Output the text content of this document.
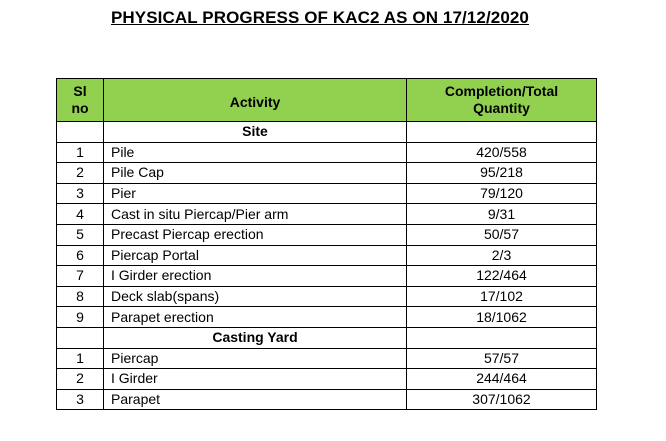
PHYSICAL PROGRESS OF KAC2 AS ON 17/12/2020
Sl no	Activity	Completion/Total Quantity
	Site	
1	Pile	420/558
2	Pile Cap	95/218
3	Pier	79/120
4	Cast in situ Piercap/Pier arm	9/31
5	Precast Piercap erection	50/57
6	Piercap Portal	2/3
7	I Girder erection	122/464
8	Deck slab(spans)	17/102
9	Parapet erection	18/1062
	Casting Yard	
1	Piercap	57/57
2	I Girder	244/464
3	Parapet	307/1062
